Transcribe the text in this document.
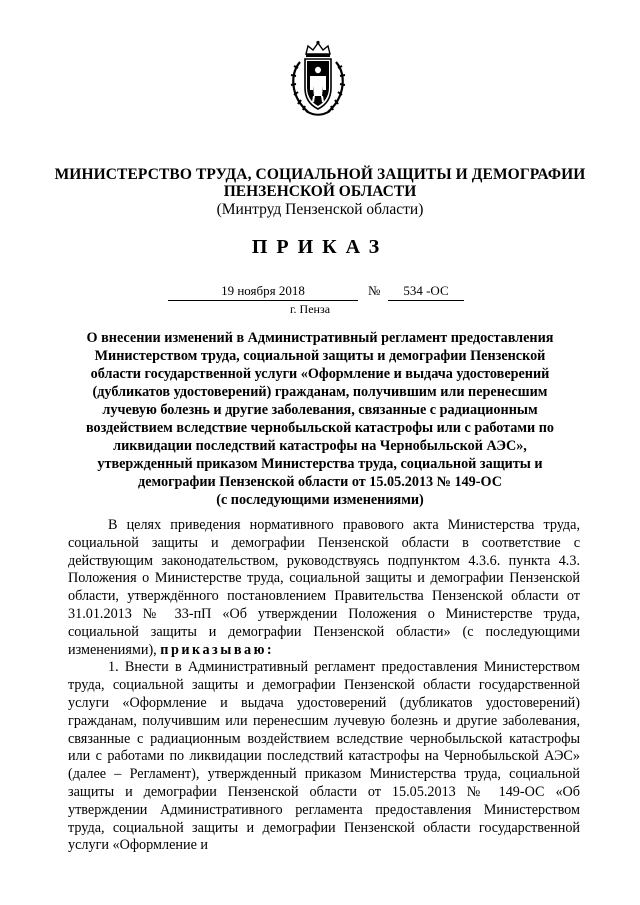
МИНИСТЕРСТВО ТРУДА, СОЦИАЛЬНОЙ ЗАЩИТЫ И ДЕМОГРАФИИ
ПЕНЗЕНСКОЙ ОБЛАСТИ
(Минтруд Пензенской области)
ПРИКАЗ
19 ноября 2018	№	534 -ОС
г. Пенза
О внесении изменений в Административный регламент предоставления
Министерством труда, социальной защиты и демографии Пензенской
области государственной услуги «Оформление и выдача удостоверений
(дубликатов удостоверений) гражданам, получившим или перенесшим
лучевую болезнь и другие заболевания, связанные с радиационным
воздействием вследствие чернобыльской катастрофы или с работами по
ликвидации последствий катастрофы на Чернобыльской АЭС»,
утвержденный приказом Министерства труда, социальной защиты и
демографии Пензенской области от 15.05.2013 № 149-ОС
(с последующими изменениями)

В целях приведения нормативного правового акта Министерства труда, социальной защиты и демографии Пензенской области в соответствие с действующим законодательством, руководствуясь подпунктом 4.3.6. пункта 4.3. Положения о Министерстве труда, социальной защиты и демографии Пензенской области, утверждённого постановлением Правительства Пензенской области от 31.01.2013 № 33-пП «Об утверждении Положения о Министерстве труда, социальной защиты и демографии Пензенской области» (с последующими изменениями), приказываю:

1. Внести в Административный регламент предоставления Министерством труда, социальной защиты и демографии Пензенской области государственной услуги «Оформление и выдача удостоверений (дубликатов удостоверений) гражданам, получившим или перенесшим лучевую болезнь и другие заболевания, связанные с радиационным воздействием вследствие чернобыльской катастрофы или с работами по ликвидации последствий катастрофы на Чернобыльской АЭС» (далее – Регламент), утвержденный приказом Министерства труда, социальной защиты и демографии Пензенской области от 15.05.2013 № 149-ОС «Об утверждении Административного регламента предоставления Министерством труда, социальной защиты и демографии Пензенской области государственной услуги «Оформление и
